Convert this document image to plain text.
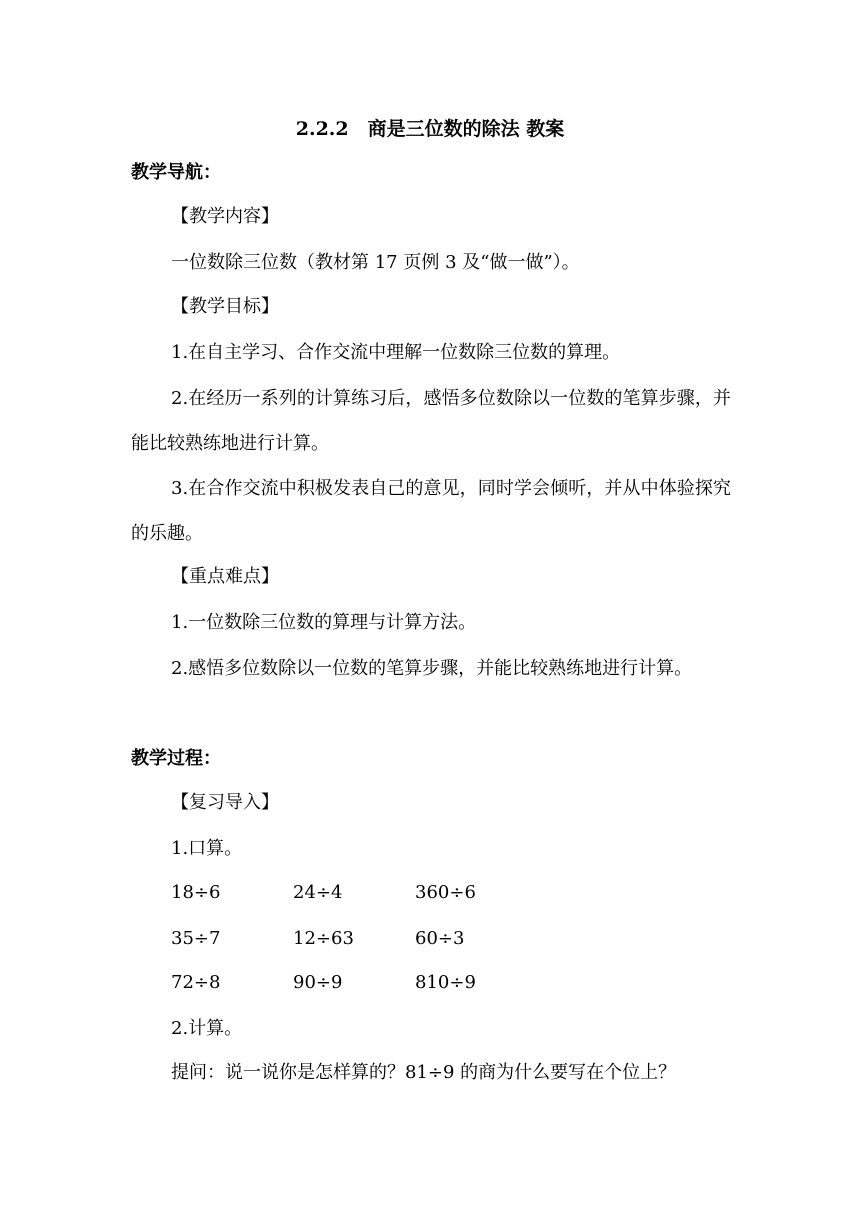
2.2.2　商是三位数的除法 教案
教学导航：
【教学内容】
一位数除三位数（教材第 17 页例 3 及“做一做”）。
【教学目标】
1.在自主学习、合作交流中理解一位数除三位数的算理。
2.在经历一系列的计算练习后，感悟多位数除以一位数的笔算步骤，并能比较熟练地进行计算。
3.在合作交流中积极发表自己的意见，同时学会倾听，并从中体验探究的乐趣。
【重点难点】
1.一位数除三位数的算理与计算方法。
2.感悟多位数除以一位数的笔算步骤，并能比较熟练地进行计算。
教学过程：
【复习导入】
1.口算。
18÷6	24÷4	360÷6
35÷7	12÷63	60÷3
72÷8	90÷9	810÷9
2.计算。
提问：说一说你是怎样算的？81÷9 的商为什么要写在个位上？
